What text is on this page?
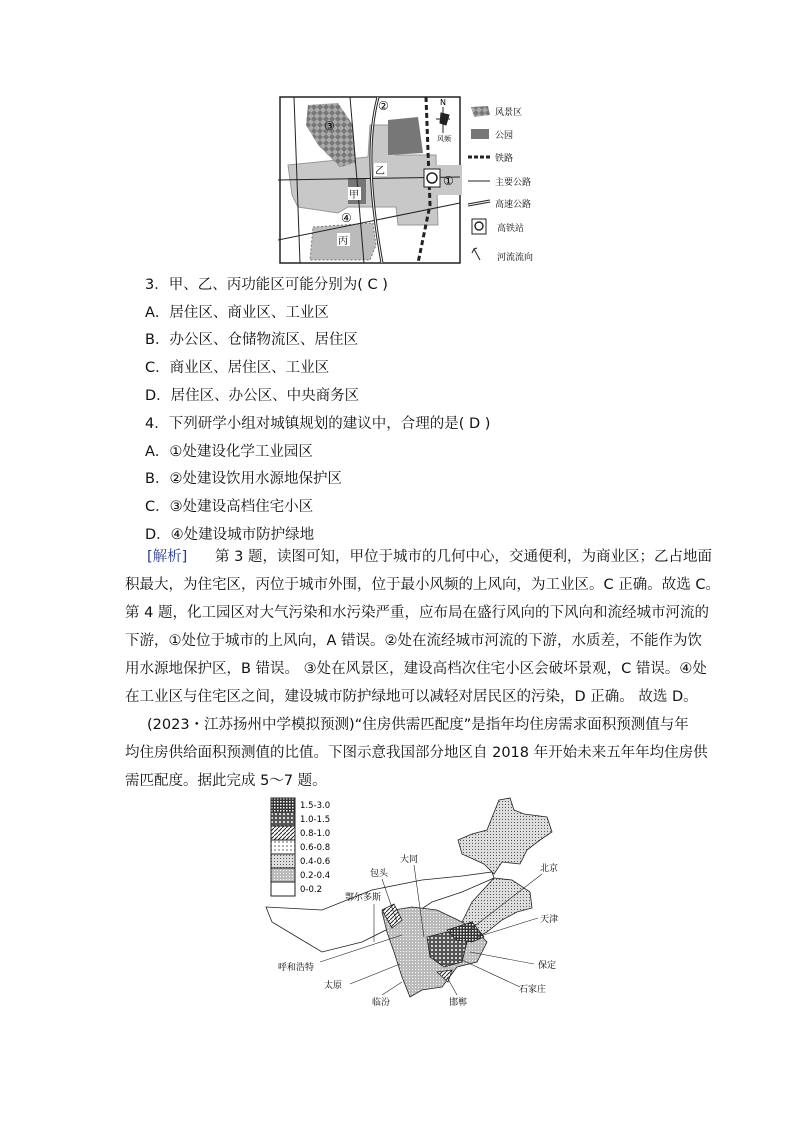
①
②
③
④
乙
甲
丙
N
风频
风景区
公园
铁路
主要公路
高速公路
高铁站
河流流向
3．甲、乙、丙功能区可能分别为( C )
A．居住区、商业区、工业区
B．办公区、仓储物流区、居住区
C．商业区、居住区、工业区
D．居住区、办公区、中央商务区
4．下列研学小组对城镇规划的建议中，合理的是( D )
A．①处建设化学工业园区
B．②处建设饮用水源地保护区
C．③处建设高档住宅小区
D．④处建设城市防护绿地
[解析] 第 3 题，读图可知，甲位于城市的几何中心，交通便利，为商业区；乙占地面
积最大，为住宅区，丙位于城市外围，位于最小风频的上风向，为工业区。C 正确。故选 C。
第 4 题，化工园区对大气污染和水污染严重，应布局在盛行风向的下风向和流经城市河流的
下游，①处位于城市的上风向，A 错误。②处在流经城市河流的下游，水质差，不能作为饮
用水源地保护区，B 错误。 ③处在风景区，建设高档次住宅小区会破坏景观，C 错误。④处
在工业区与住宅区之间，建设城市防护绿地可以减轻对居民区的污染，D 正确。 故选 D。
(2023・江苏扬州中学模拟预测)“住房供需匹配度”是指年均住房需求面积预测值与年
均住房供给面积预测值的比值。下图示意我国部分地区自 2018 年开始未来五年年均住房供
需匹配度。据此完成 5～7 题。
1.5-3.0
1.0-1.5
0.8-1.0
0.6-0.8
0.4-0.6
0.2-0.4
0-0.2
大同
包头
鄂尔多斯
北京
天津
呼和浩特	保定
太原
临汾	邯郸
石家庄
